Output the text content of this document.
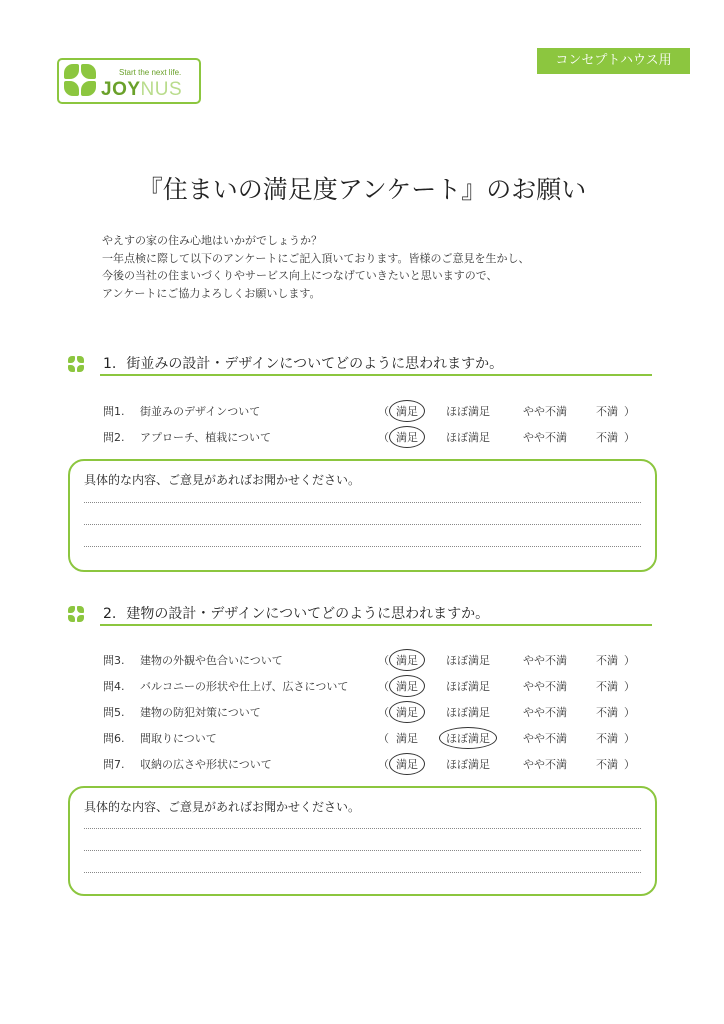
Start the next life.
JOYNUS
コンセプトハウス用
『住まいの満足度アンケート』のお願い
やえすの家の住み心地はいかがでしょうか？
一年点検に際して以下のアンケートにご記入頂いております。皆様のご意見を生かし、
今後の当社の住まいづくりやサービス向上につなげていきたいと思いますので、
アンケートにご協力よろしくお願いします。
1. 街並みの設計・デザインについてどのように思われますか。
問1. 街並みのデザインついて	（ 満足	ほぼ満足	やや不満	不満 ）
問2. アプローチ、植栽について	（ 満足	ほぼ満足	やや不満	不満 ）
具体的な内容、ご意見があればお聞かせください。
2. 建物の設計・デザインについてどのように思われますか。
問3. 建物の外観や色合いについて	（ 満足	ほぼ満足	やや不満	不満 ）
問4. バルコニーの形状や仕上げ、広さについて	（ 満足	ほぼ満足	やや不満	不満 ）
問5. 建物の防犯対策について	（ 満足	ほぼ満足	やや不満	不満 ）
問6. 間取りについて	（ 満足	ほぼ満足	やや不満	不満 ）
問7. 収納の広さや形状について	（ 満足	ほぼ満足	やや不満	不満 ）
具体的な内容、ご意見があればお聞かせください。
